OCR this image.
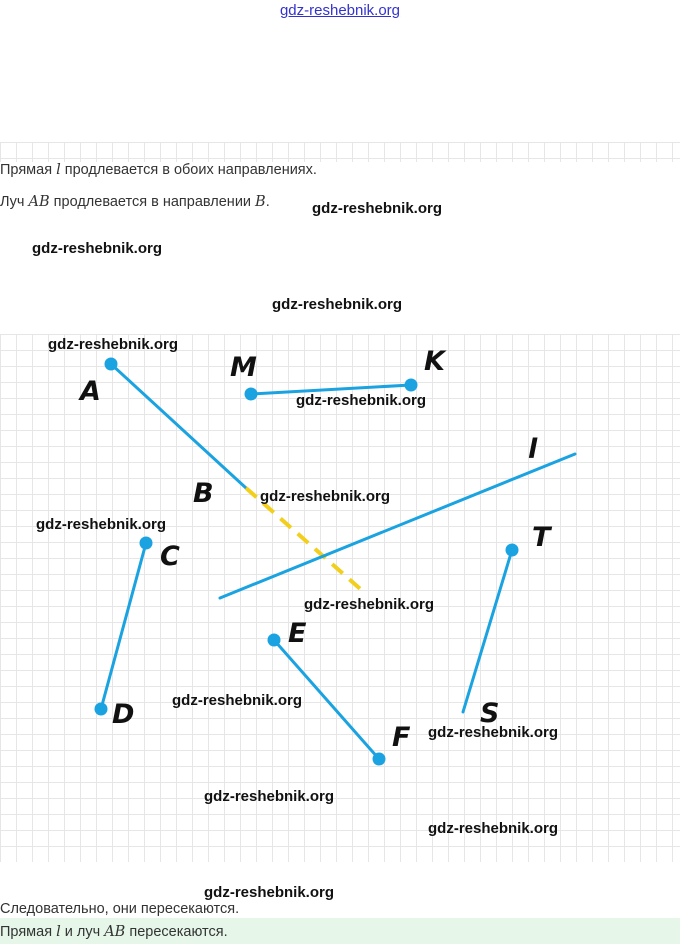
gdz-reshebnik.org
Прямая l продлевается в обоих направлениях.
Луч AB продлевается в направлении B.
A
M	K
l
B
C
T
E
D	S
F
gdz-reshebnik.org
gdz-reshebnik.org
gdz-reshebnik.org
gdz-reshebnik.org
gdz-reshebnik.org
gdz-reshebnik.org
gdz-reshebnik.org
gdz-reshebnik.org
gdz-reshebnik.org
gdz-reshebnik.org
gdz-reshebnik.org
gdz-reshebnik.org
gdz-reshebnik.org
Следовательно, они пересекаются.
Прямая l и луч AB пересекаются.
